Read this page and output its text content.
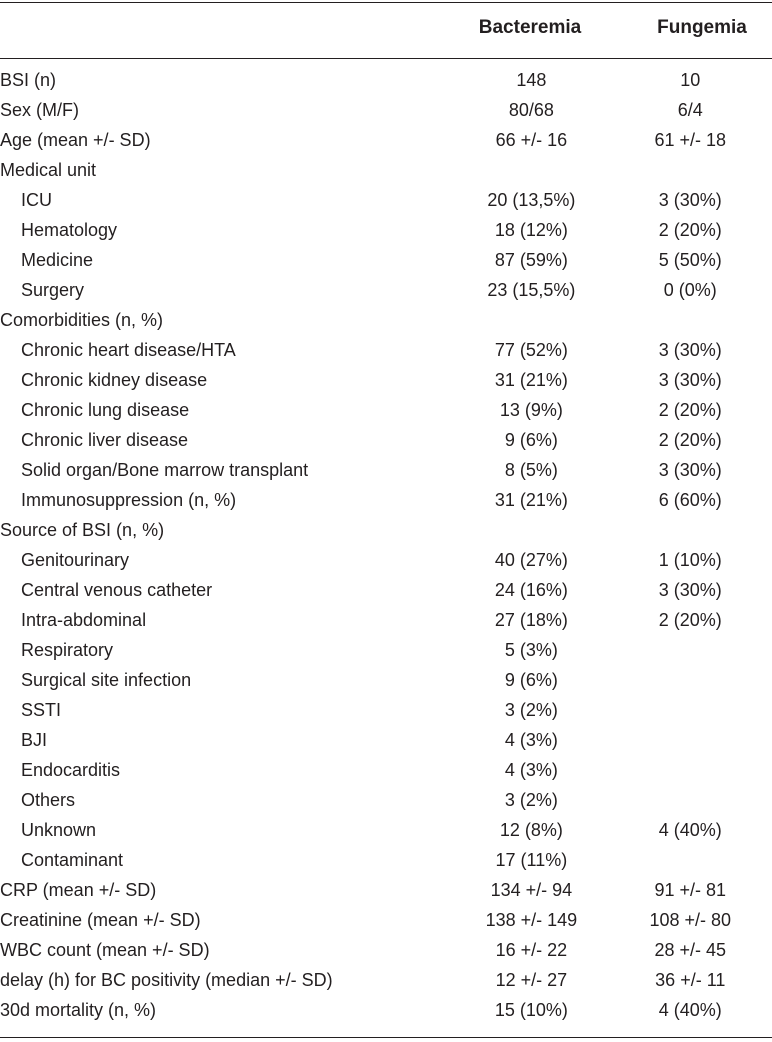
Bacteremia	Fungemia
BSI (n)	148	10
Sex (M/F)	80/68	6/4
Age (mean +/- SD)	66 +/- 16	61 +/- 18
Medical unit		
ICU	20 (13,5%)	3 (30%)
Hematology	18 (12%)	2 (20%)
Medicine	87 (59%)	5 (50%)
Surgery	23 (15,5%)	0 (0%)
Comorbidities (n, %)		
Chronic heart disease/HTA	77 (52%)	3 (30%)
Chronic kidney disease	31 (21%)	3 (30%)
Chronic lung disease	13 (9%)	2 (20%)
Chronic liver disease	9 (6%)	2 (20%)
Solid organ/Bone marrow transplant	8 (5%)	3 (30%)
Immunosuppression (n, %)	31 (21%)	6 (60%)
Source of BSI (n, %)		
Genitourinary	40 (27%)	1 (10%)
Central venous catheter	24 (16%)	3 (30%)
Intra-abdominal	27 (18%)	2 (20%)
Respiratory	5 (3%)	
Surgical site infection	9 (6%)	
SSTI	3 (2%)	
BJI	4 (3%)	
Endocarditis	4 (3%)	
Others	3 (2%)	
Unknown	12 (8%)	4 (40%)
Contaminant	17 (11%)	
CRP (mean +/- SD)	134 +/- 94	91 +/- 81
Creatinine (mean +/- SD)	138 +/- 149	108 +/- 80
WBC count (mean +/- SD)	16 +/- 22	28 +/- 45
delay (h) for BC positivity (median +/- SD)	12 +/- 27	36 +/- 11
30d mortality (n, %)	15 (10%)	4 (40%)
